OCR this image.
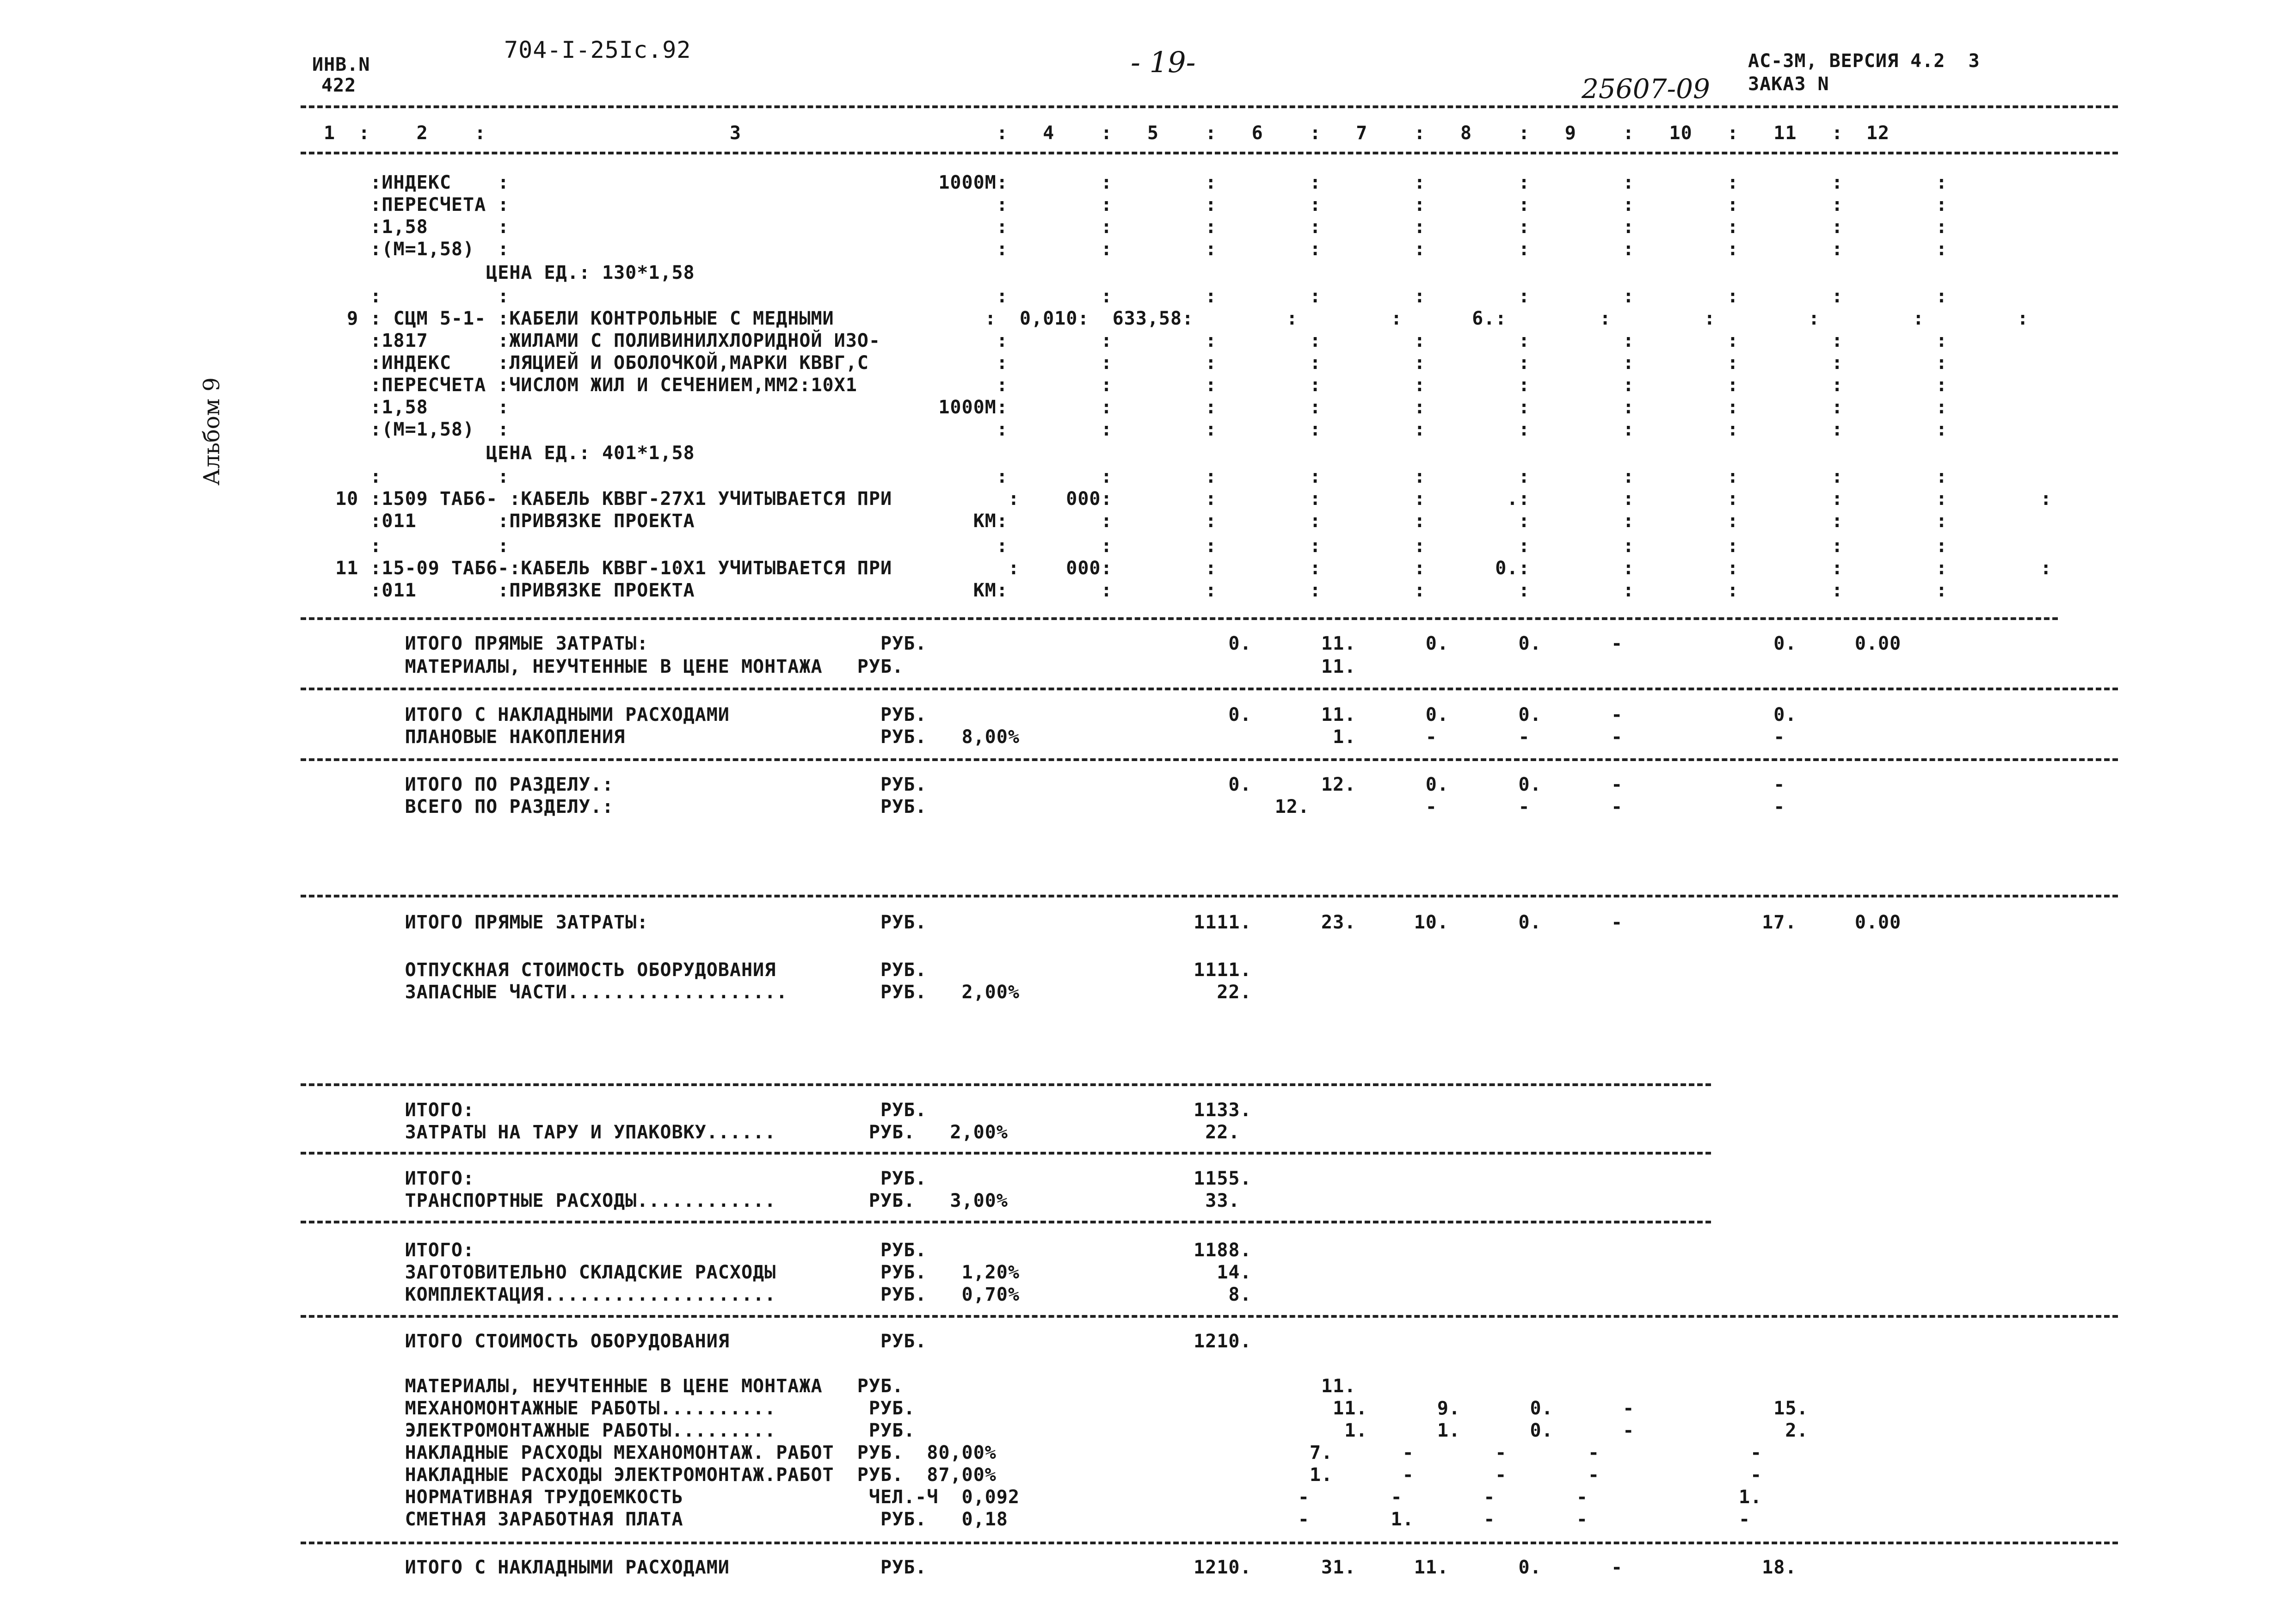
ИНВ.N
422
704-I-25Ic.92	- 19-
25607-09
АС-3М, ВЕРСИЯ 4.2  3
ЗАКАЗ N
Альбом 9
1  :    2    :                     3                      :   4    :   5    :   6    :   7    :   8    :   9    :   10   :   11   :  12
:ИНДЕКС    :                                     1000М:        :        :        :        :        :        :        :        :        :
:ПЕРЕСЧЕТА :                                          :        :        :        :        :        :        :        :        :        :
:1,58      :                                          :        :        :        :        :        :        :        :        :        :
:(М=1,58)  :                                          :        :        :        :        :        :        :        :        :        :
ЦЕНА ЕД.: 130*1,58
:          :                                          :        :        :        :        :        :        :        :        :        :
9 : СЦМ 5-1- :КАБЕЛИ КОНТРОЛЬНЫЕ С МЕДНЫМИ             :  0,010:  633,58:        :        :      6.:        :        :        :        :        :
:1817      :ЖИЛАМИ С ПОЛИВИНИЛХЛОРИДНОЙ ИЗО-          :        :        :        :        :        :        :        :        :        :
:ИНДЕКС    :ЛЯЦИЕЙ И ОБОЛОЧКОЙ,МАРКИ КВВГ,С           :        :        :        :        :        :        :        :        :        :
:ПЕРЕСЧЕТА :ЧИСЛОМ ЖИЛ И СЕЧЕНИЕМ,ММ2:10Х1            :        :        :        :        :        :        :        :        :        :
:1,58      :                                     1000М:        :        :        :        :        :        :        :        :        :
:(М=1,58)  :                                          :        :        :        :        :        :        :        :        :        :
ЦЕНА ЕД.: 401*1,58
:          :                                          :        :        :        :        :        :        :        :        :        :
10 :1509 ТАБ6- :КАБЕЛЬ КВВГ-27Х1 УЧИТЫВАЕТСЯ ПРИ          :    000:        :        :        :       .:        :        :        :        :        :
:011       :ПРИВЯЗКЕ ПРОЕКТА                        КМ:        :        :        :        :        :        :        :        :        :
:          :                                          :        :        :        :        :        :        :        :        :        :
11 :15-09 ТАБ6-:КАБЕЛЬ КВВГ-10Х1 УЧИТЫВАЕТСЯ ПРИ          :    000:        :        :        :      0.:        :        :        :        :        :
:011       :ПРИВЯЗКЕ ПРОЕКТА                        КМ:        :        :        :        :        :        :        :        :        :
ИТОГО ПРЯМЫЕ ЗАТРАТЫ:                    РУБ.                          0.      11.      0.      0.      -             0.     0.00
МАТЕРИАЛЫ, НЕУЧТЕННЫЕ В ЦЕНЕ МОНТАЖА   РУБ.                                    11.
ИТОГО С НАКЛАДНЫМИ РАСХОДАМИ             РУБ.                          0.      11.      0.      0.      -             0.
ПЛАНОВЫЕ НАКОПЛЕНИЯ                      РУБ.   8,00%                           1.      -       -       -             -
ИТОГО ПО РАЗДЕЛУ.:                       РУБ.                          0.      12.      0.      0.      -             -
ВСЕГО ПО РАЗДЕЛУ.:                       РУБ.                              12.          -       -       -             -
ИТОГО ПРЯМЫЕ ЗАТРАТЫ:                    РУБ.                       1111.      23.     10.      0.      -            17.     0.00
ОТПУСКНАЯ СТОИМОСТЬ ОБОРУДОВАНИЯ         РУБ.                       1111.
ЗАПАСНЫЕ ЧАСТИ...................        РУБ.   2,00%                 22.
ИТОГО:                                   РУБ.                       1133.
ЗАТРАТЫ НА ТАРУ И УПАКОВКУ......        РУБ.   2,00%                 22.
ИТОГО:                                   РУБ.                       1155.
ТРАНСПОРТНЫЕ РАСХОДЫ............        РУБ.   3,00%                 33.
ИТОГО:                                   РУБ.                       1188.
ЗАГОТОВИТЕЛЬНО СКЛАДСКИЕ РАСХОДЫ         РУБ.   1,20%                 14.
КОМПЛЕКТАЦИЯ....................         РУБ.   0,70%                  8.
ИТОГО СТОИМОСТЬ ОБОРУДОВАНИЯ             РУБ.                       1210.
МАТЕРИАЛЫ, НЕУЧТЕННЫЕ В ЦЕНЕ МОНТАЖА   РУБ.                                    11.
МЕХАНОМОНТАЖНЫЕ РАБОТЫ..........        РУБ.                                    11.      9.      0.      -            15.
ЭЛЕКТРОМОНТАЖНЫЕ РАБОТЫ.........        РУБ.                                     1.      1.      0.      -             2.
НАКЛАДНЫЕ РАСХОДЫ МЕХАНОМОНТАЖ. РАБОТ  РУБ.  80,00%                           7.      -       -       -             -
НАКЛАДНЫЕ РАСХОДЫ ЭЛЕКТРОМОНТАЖ.РАБОТ  РУБ.  87,00%                           1.      -       -       -             -
НОРМАТИВНАЯ ТРУДОЕМКОСТЬ                ЧЕЛ.-Ч  0,092                        -       -       -       -             1.
СМЕТНАЯ ЗАРАБОТНАЯ ПЛАТА                 РУБ.   0,18                         -       1.      -       -             -
ИТОГО С НАКЛАДНЫМИ РАСХОДАМИ             РУБ.                       1210.      31.     11.      0.      -            18.
